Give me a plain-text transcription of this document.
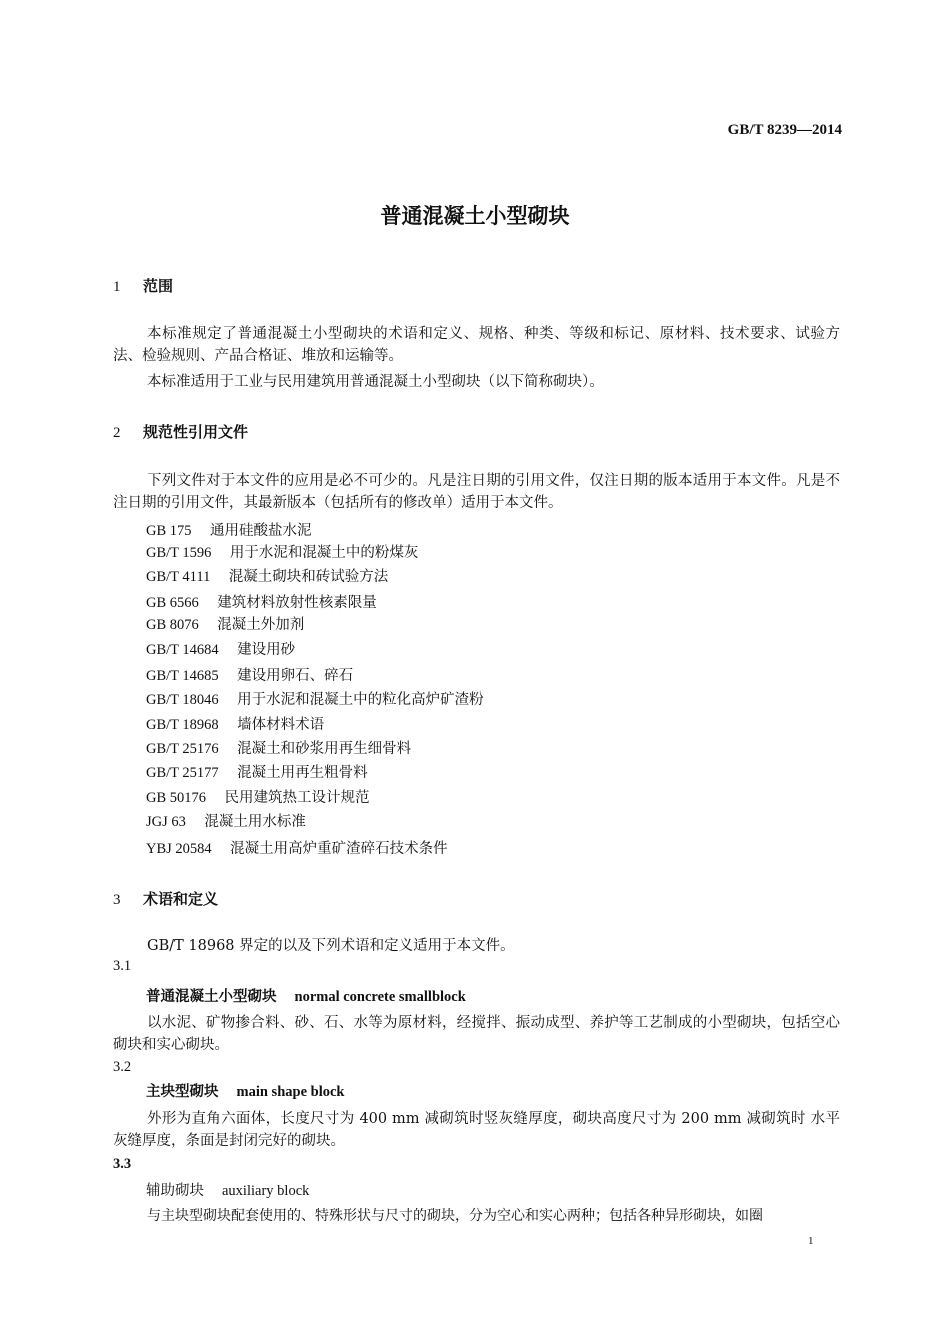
GB/T 8239—2014
普通混凝土小型砌块
1 范围
本标准规定了普通混凝土小型砌块的术语和定义、规格、种类、等级和标记、原材料、技术要求、试验方法、检验规则、产品合格证、堆放和运输等。
本标准适用于工业与民用建筑用普通混凝土小型砌块（以下简称砌块）。
2 规范性引用文件
下列文件对于本文件的应用是必不可少的。凡是注日期的引用文件，仅注日期的版本适用于本文件。凡是不注日期的引用文件，其最新版本（包括所有的修改单）适用于本文件。
GB 175 通用硅酸盐水泥
GB/T 1596 用于水泥和混凝土中的粉煤灰
GB/T 4111 混凝土砌块和砖试验方法
GB 6566 建筑材料放射性核素限量
GB 8076 混凝土外加剂
GB/T 14684 建设用砂
GB/T 14685 建设用卵石、碎石
GB/T 18046 用于水泥和混凝土中的粒化高炉矿渣粉
GB/T 18968 墙体材料术语
GB/T 25176 混凝土和砂浆用再生细骨料
GB/T 25177 混凝土用再生粗骨料
GB 50176 民用建筑热工设计规范
JGJ 63 混凝土用水标准
YBJ 20584 混凝土用高炉重矿渣碎石技术条件
3 术语和定义
GB/T 18968 界定的以及下列术语和定义适用于本文件。
3.1
普通混凝土小型砌块 normal concrete smallblock
以水泥、矿物掺合料、砂、石、水等为原材料，经搅拌、振动成型、养护等工艺制成的小型砌块，包括空心砌块和实心砌块。
3.2
主块型砌块 main shape block
外形为直角六面体，长度尺寸为 400 mm 减砌筑时竖灰缝厚度，砌块高度尺寸为 200 mm 减砌筑时 水平灰缝厚度，条面是封闭完好的砌块。
3.3
辅助砌块 auxiliary block
与主块型砌块配套使用的、特殊形状与尺寸的砌块，分为空心和实心两种；包括各种异形砌块，如圈
1
